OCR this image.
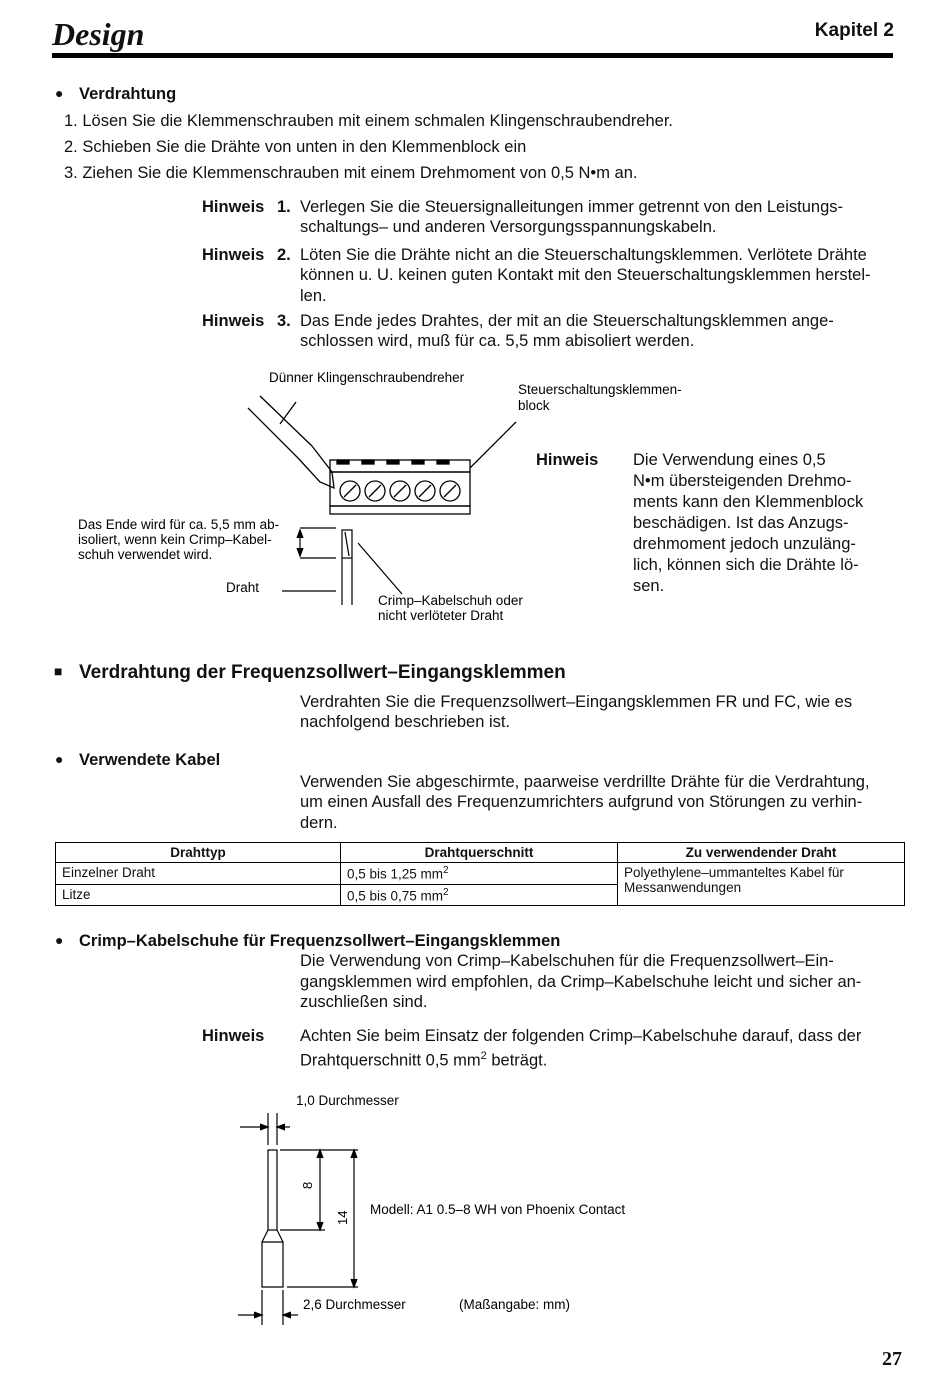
Design	Kapitel 2
● Verdrahtung
1. Lösen Sie die Klemmenschrauben mit einem schmalen Klingenschraubendreher.
2. Schieben Sie die Drähte von unten in den Klemmenblock ein
3. Ziehen Sie die Klemmenschrauben mit einem Drehmoment von 0,5 N•m an.
Hinweis 1. Verlegen Sie die Steuersignalleitungen immer getrennt von den Leistungs-
schaltungs– und anderen Versorgungsspannungskabeln.
Hinweis 2. Löten Sie die Drähte nicht an die Steuerschaltungsklemmen. Verlötete Drähte
können u. U. keinen guten Kontakt mit den Steuerschaltungsklemmen herstel-
len.
Hinweis 3. Das Ende jedes Drahtes, der mit an die Steuerschaltungsklemmen ange-
schlossen wird, muß für ca. 5,5 mm abisoliert werden.
Dünner Klingenschraubendreher
Steuerschaltungsklemmen-
block
Das Ende wird für ca. 5,5 mm ab-
isoliert, wenn kein Crimp–Kabel-
schuh verwendet wird.
Draht
Crimp–Kabelschuh oder
nicht verlöteter Draht
Hinweis Die Verwendung eines 0,5
N•m übersteigenden Drehmo-
ments kann den Klemmenblock
beschädigen. Ist das Anzugs-
drehmoment jedoch unzuläng-
lich, können sich die Drähte lö-
sen.
■ Verdrahtung der Frequenzsollwert–Eingangsklemmen
Verdrahten Sie die Frequenzsollwert–Eingangsklemmen FR und FC, wie es
nachfolgend beschrieben ist.
● Verwendete Kabel
Verwenden Sie abgeschirmte, paarweise verdrillte Drähte für die Verdrahtung,
um einen Ausfall des Frequenzumrichters aufgrund von Störungen zu verhin-
dern.
Drahttyp	Drahtquerschnitt	Zu verwendender Draht
Einzelner Draht	0,5 bis 1,25 $mm^2$	Polyethylene–ummanteltes Kabel für
Messanwendungen

Litze	0,5 bis 0,75 $mm^2$
● Crimp–Kabelschuhe für Frequenzsollwert–Eingangsklemmen
Die Verwendung von Crimp–Kabelschuhen für die Frequenzsollwert–Ein-
gangsklemmen wird empfohlen, da Crimp–Kabelschuhe leicht und sicher an-
zuschließen sind.
Hinweis Achten Sie beim Einsatz der folgenden Crimp–Kabelschuhe darauf, dass der
Drahtquerschnitt 0,5 $mm^2$ beträgt.
1,0 Durchmesser
8
14
Modell: A1 0.5–8 WH von Phoenix Contact
2,6 Durchmesser	(Maßangabe: mm)
27
